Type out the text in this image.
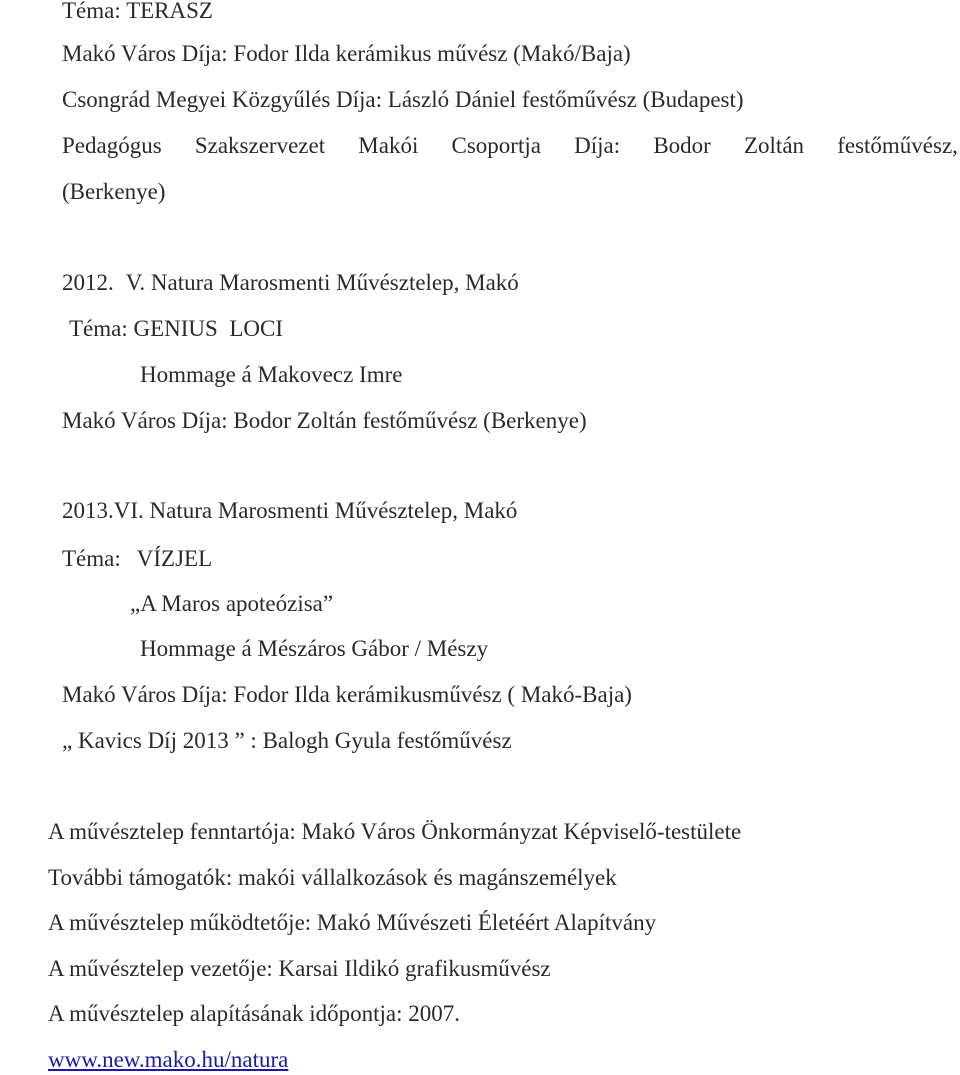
Téma: TERASZ
Makó Város Díja: Fodor Ilda kerámikus művész (Makó/Baja)
Csongrád Megyei Közgyűlés Díja: László Dániel festőművész (Budapest)
Pedagógus Szakszervezet Makói Csoportja Díja: Bodor Zoltán festőművész,
(Berkenye)
2012. V. Natura Marosmenti Művésztelep, Makó
Téma: GENIUS  LOCI
Hommage á Makovecz Imre
Makó Város Díja: Bodor Zoltán festőművész (Berkenye)
2013.VI. Natura Marosmenti Művésztelep, Makó
Téma: VÍZJEL
„A Maros apoteózisa”
Hommage á Mészáros Gábor / Mészy
Makó Város Díja: Fodor Ilda kerámikusművész ( Makó-Baja)
„ Kavics Díj 2013 ” : Balogh Gyula festőművész
A művésztelep fenntartója: Makó Város Önkormányzat Képviselő-testülete
További támogatók: makói vállalkozások és magánszemélyek
A művésztelep működtetője: Makó Művészeti Életéért Alapítvány
A művésztelep vezetője: Karsai Ildikó grafikusművész
A művésztelep alapításának időpontja: 2007.
www.new.mako.hu/natura
